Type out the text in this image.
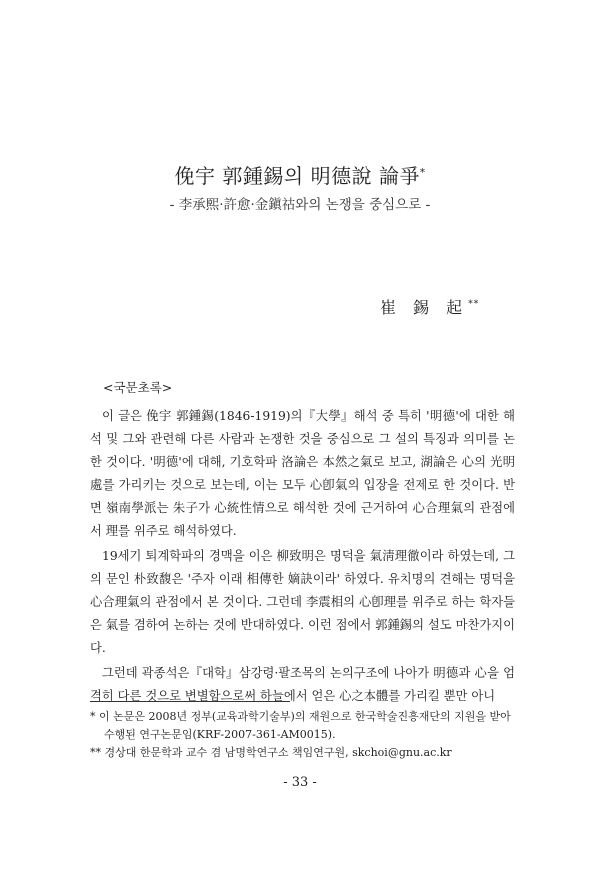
俛宇 郭鍾錫의 明德說 論爭*
- 李承熙·許愈·金鎭祜와의 논쟁을 중심으로 -
崔 錫 起**
<국문초록>

이 글은 俛宇 郭鍾錫(1846-1919)의『大學』해석 중 특히 '明德'에 대한 해석 및 그와 관련해 다른 사람과 논쟁한 것을 중심으로 그 설의 특징과 의미를 논한 것이다. '明德'에 대해, 기호학파 洛論은 本然之氣로 보고, 湖論은 心의 光明處를 가리키는 것으로 보는데, 이는 모두 心卽氣의 입장을 전제로 한 것이다. 반면 嶺南學派는 朱子가 心統性情으로 해석한 것에 근거하여 心合理氣의 관점에서 理를 위주로 해석하였다.

19세기 퇴계학파의 경맥을 이은 柳致明은 명덕을 氣淸理徹이라 하였는데, 그의 문인 朴致馥은 '주자 이래 相傳한 嫡訣이라' 하였다. 유치명의 견해는 명덕을 心合理氣의 관점에서 본 것이다. 그런데 李震相의 心卽理를 위주로 하는 학자들은 氣를 겸하여 논하는 것에 반대하였다. 이런 점에서 郭鍾錫의 설도 마찬가지이다.

그런데 곽종석은『대학』삼강령·팔조목의 논의구조에 나아가 明德과 心을 엄격히 다른 것으로 변별함으로써 하늘에서 얻은 心之本體를 가리킬 뿐만 아니

* 이 논문은 2008년 정부(교육과학기술부)의 재원으로 한국학술진흥재단의 지원을 받아 수행된 연구논문임(KRF-2007-361-AM0015).

** 경상대 한문학과 교수 겸 남명학연구소 책임연구원, skchoi@gnu.ac.kr

- 33 -
